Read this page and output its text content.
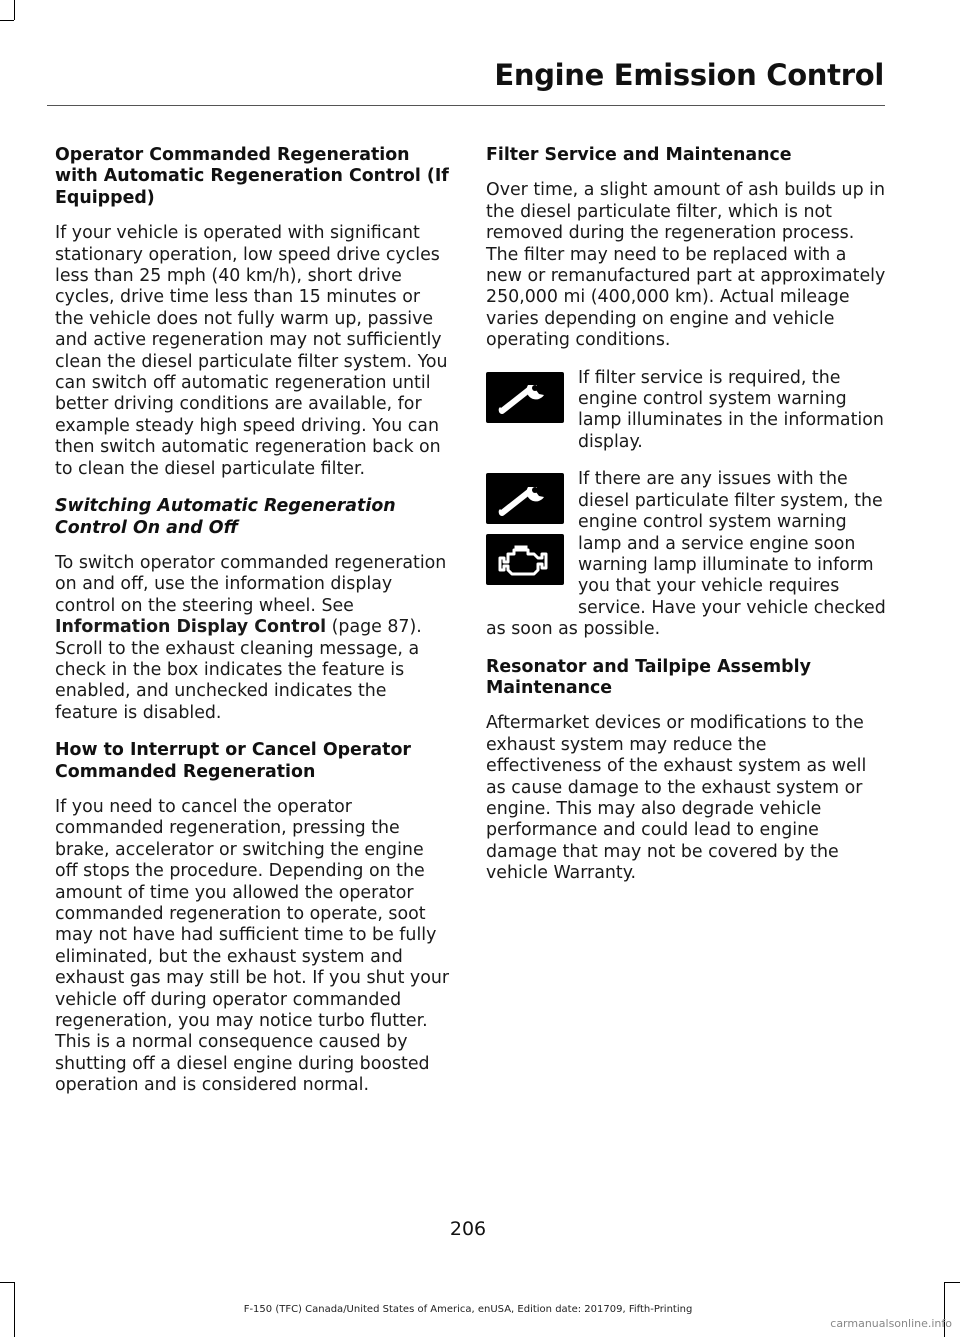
Engine Emission Control
Operator Commanded Regeneration with Automatic Regeneration Control (If Equipped)

If your vehicle is operated with significant stationary operation, low speed drive cycles less than 25 mph (40 km/h), short drive cycles, drive time less than 15 minutes or the vehicle does not fully warm up, passive and active regeneration may not sufficiently clean the diesel particulate filter system. You can switch off automatic regeneration until better driving conditions are available, for example steady high speed driving. You can then switch automatic regeneration back on to clean the diesel particulate filter.

Switching Automatic Regeneration Control On and Off

To switch operator commanded regeneration on and off, use the information display control on the steering wheel. See Information Display Control (page 87). Scroll to the exhaust cleaning message, a check in the box indicates the feature is enabled, and unchecked indicates the feature is disabled.

How to Interrupt or Cancel Operator Commanded Regeneration

If you need to cancel the operator commanded regeneration, pressing the brake, accelerator or switching the engine off stops the procedure. Depending on the amount of time you allowed the operator commanded regeneration to operate, soot may not have had sufficient time to be fully eliminated, but the exhaust system and exhaust gas may still be hot. If you shut your vehicle off during operator commanded regeneration, you may notice turbo flutter. This is a normal consequence caused by shutting off a diesel engine during boosted operation and is considered normal.

Filter Service and Maintenance

Over time, a slight amount of ash builds up in the diesel particulate filter, which is not removed during the regeneration process. The filter may need to be replaced with a new or remanufactured part at approximately 250,000 mi (400,000 km). Actual mileage varies depending on engine and vehicle operating conditions.

If filter service is required, the engine control system warning lamp illuminates in the information display.

If there are any issues with the diesel particulate filter system, the engine control system warning lamp and a service engine soon warning lamp illuminate to inform you that your vehicle requires service. Have your vehicle checked as soon as possible.

Resonator and Tailpipe Assembly Maintenance

Aftermarket devices or modifications to the exhaust system may reduce the effectiveness of the exhaust system as well as cause damage to the exhaust system or engine. This may also degrade vehicle performance and could lead to engine damage that may not be covered by the vehicle Warranty.

206
F-150 (TFC) Canada/United States of America, enUSA, Edition date: 201709, Fifth-Printing
carmanualsonline.info
